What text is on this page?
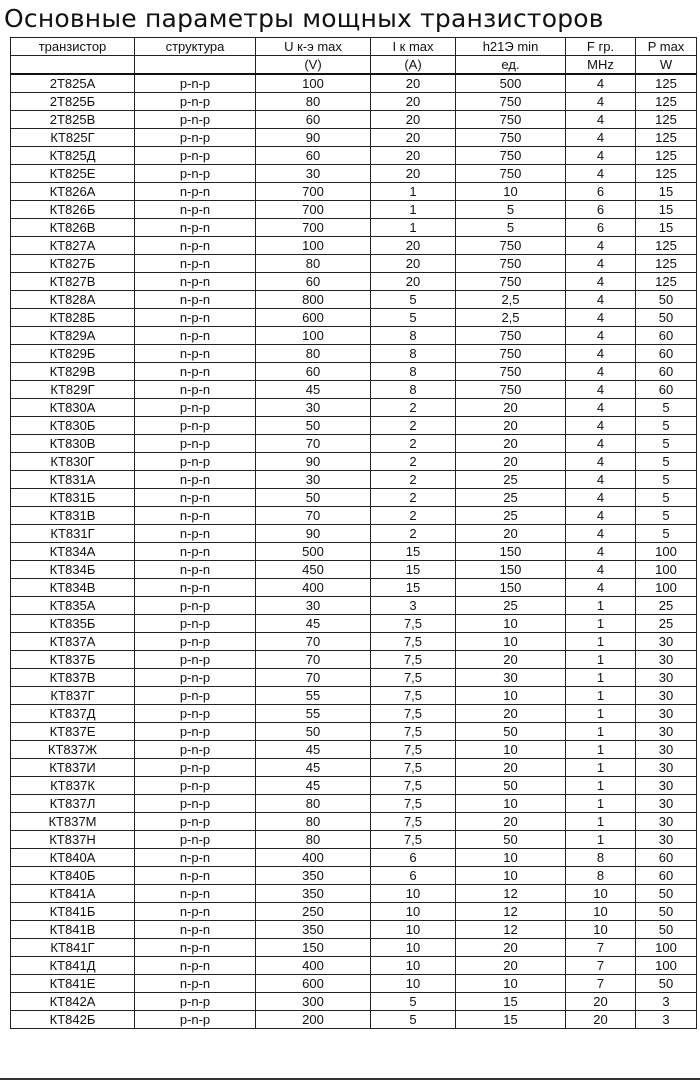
Основные параметры мощных транзисторов
транзистор	структура	U к-э max	I к max	h21Э min	F гр.	P max
		(V)	(A)	ед.	MHz	W
2Т825А	p-n-p	100	20	500	4	125
2Т825Б	p-n-p	80	20	750	4	125
2Т825В	p-n-p	60	20	750	4	125
КТ825Г	p-n-p	90	20	750	4	125
КТ825Д	p-n-p	60	20	750	4	125
КТ825Е	p-n-p	30	20	750	4	125
КТ826А	n-p-n	700	1	10	6	15
КТ826Б	n-p-n	700	1	5	6	15
КТ826В	n-p-n	700	1	5	6	15
КТ827А	n-p-n	100	20	750	4	125
КТ827Б	n-p-n	80	20	750	4	125
КТ827В	n-p-n	60	20	750	4	125
КТ828А	n-p-n	800	5	2,5	4	50
КТ828Б	n-p-n	600	5	2,5	4	50
КТ829А	n-p-n	100	8	750	4	60
КТ829Б	n-p-n	80	8	750	4	60
КТ829В	n-p-n	60	8	750	4	60
КТ829Г	n-p-n	45	8	750	4	60
КТ830А	p-n-p	30	2	20	4	5
КТ830Б	p-n-p	50	2	20	4	5
КТ830В	p-n-p	70	2	20	4	5
КТ830Г	p-n-p	90	2	20	4	5
КТ831А	n-p-n	30	2	25	4	5
КТ831Б	n-p-n	50	2	25	4	5
КТ831В	n-p-n	70	2	25	4	5
КТ831Г	n-p-n	90	2	20	4	5
КТ834А	n-p-n	500	15	150	4	100
КТ834Б	n-p-n	450	15	150	4	100
КТ834В	n-p-n	400	15	150	4	100
КТ835А	p-n-p	30	3	25	1	25
КТ835Б	p-n-p	45	7,5	10	1	25
КТ837А	p-n-p	70	7,5	10	1	30
КТ837Б	p-n-p	70	7,5	20	1	30
КТ837В	p-n-p	70	7,5	30	1	30
КТ837Г	p-n-p	55	7,5	10	1	30
КТ837Д	p-n-p	55	7,5	20	1	30
КТ837Е	p-n-p	50	7,5	50	1	30
КТ837Ж	p-n-p	45	7,5	10	1	30
КТ837И	p-n-p	45	7,5	20	1	30
КТ837К	p-n-p	45	7,5	50	1	30
КТ837Л	p-n-p	80	7,5	10	1	30
КТ837М	p-n-p	80	7,5	20	1	30
КТ837Н	p-n-p	80	7,5	50	1	30
КТ840А	n-p-n	400	6	10	8	60
КТ840Б	n-p-n	350	6	10	8	60
КТ841А	n-p-n	350	10	12	10	50
КТ841Б	n-p-n	250	10	12	10	50
КТ841В	n-p-n	350	10	12	10	50
КТ841Г	n-p-n	150	10	20	7	100
КТ841Д	n-p-n	400	10	20	7	100
КТ841Е	n-p-n	600	10	10	7	50
КТ842А	p-n-p	300	5	15	20	3
КТ842Б	p-n-p	200	5	15	20	3
